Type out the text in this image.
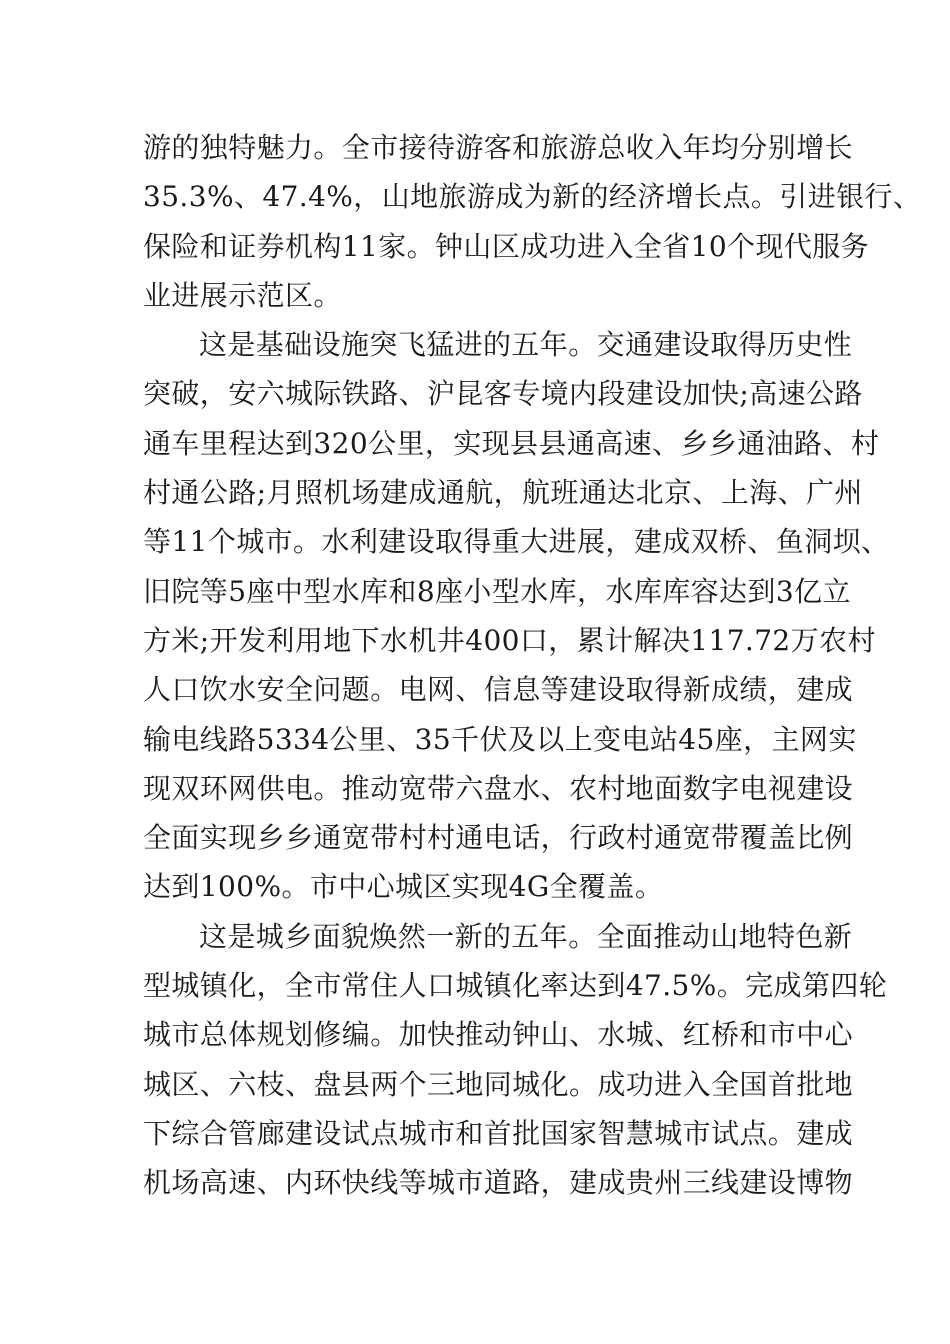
游的独特魅力。全市接待游客和旅游总收入年均分别增长
35.3%、47.4%，山地旅游成为新的经济增长点。引进银行、
保险和证券机构11家。钟山区成功进入全省10个现代服务
业进展示范区。
这是基础设施突飞猛进的五年。交通建设取得历史性
突破，安六城际铁路、沪昆客专境内段建设加快;高速公路
通车里程达到320公里，实现县县通高速、乡乡通油路、村
村通公路;月照机场建成通航，航班通达北京、上海、广州
等11个城市。水利建设取得重大进展，建成双桥、鱼洞坝、
旧院等5座中型水库和8座小型水库，水库库容达到3亿立
方米;开发利用地下水机井400口，累计解决117.72万农村
人口饮水安全问题。电网、信息等建设取得新成绩，建成
输电线路5334公里、35千伏及以上变电站45座，主网实
现双环网供电。推动宽带六盘水、农村地面数字电视建设
全面实现乡乡通宽带村村通电话，行政村通宽带覆盖比例
达到100%。市中心城区实现4G全覆盖。
这是城乡面貌焕然一新的五年。全面推动山地特色新
型城镇化，全市常住人口城镇化率达到47.5%。完成第四轮
城市总体规划修编。加快推动钟山、水城、红桥和市中心
城区、六枝、盘县两个三地同城化。成功进入全国首批地
下综合管廊建设试点城市和首批国家智慧城市试点。建成
机场高速、内环快线等城市道路，建成贵州三线建设博物
